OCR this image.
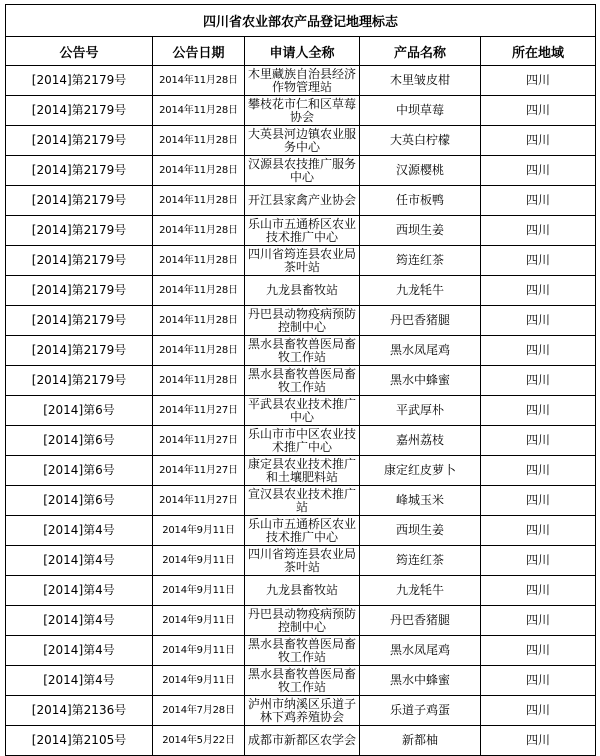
四川省农业部农产品登记地理标志				
公告号	公告日期	申请人全称	产品名称	所在地域
[2014]第2179号	2014年11月28日	木里藏族自治县经济作物管理站	木里皱皮柑	四川
[2014]第2179号	2014年11月28日	攀枝花市仁和区草莓协会	中坝草莓	四川
[2014]第2179号	2014年11月28日	大英县河边镇农业服务中心	大英白柠檬	四川
[2014]第2179号	2014年11月28日	汉源县农技推广服务中心	汉源樱桃	四川
[2014]第2179号	2014年11月28日	开江县家禽产业协会	任市板鸭	四川
[2014]第2179号	2014年11月28日	乐山市五通桥区农业技术推广中心	西坝生姜	四川
[2014]第2179号	2014年11月28日	四川省筠连县农业局茶叶站	筠连红茶	四川
[2014]第2179号	2014年11月28日	九龙县畜牧站	九龙牦牛	四川
[2014]第2179号	2014年11月28日	丹巴县动物疫病预防控制中心	丹巴香猪腿	四川
[2014]第2179号	2014年11月28日	黑水县畜牧兽医局畜牧工作站	黑水凤尾鸡	四川
[2014]第2179号	2014年11月28日	黑水县畜牧兽医局畜牧工作站	黑水中蜂蜜	四川
[2014]第6号	2014年11月27日	平武县农业技术推广中心	平武厚朴	四川
[2014]第6号	2014年11月27日	乐山市市中区农业技术推广中心	嘉州荔枝	四川
[2014]第6号	2014年11月27日	康定县农业技术推广和土壤肥料站	康定红皮萝卜	四川
[2014]第6号	2014年11月27日	宣汉县农业技术推广站	峰城玉米	四川
[2014]第4号	2014年9月11日	乐山市五通桥区农业技术推广中心	西坝生姜	四川
[2014]第4号	2014年9月11日	四川省筠连县农业局茶叶站	筠连红茶	四川
[2014]第4号	2014年9月11日	九龙县畜牧站	九龙牦牛	四川
[2014]第4号	2014年9月11日	丹巴县动物疫病预防控制中心	丹巴香猪腿	四川
[2014]第4号	2014年9月11日	黑水县畜牧兽医局畜牧工作站	黑水凤尾鸡	四川
[2014]第4号	2014年9月11日	黑水县畜牧兽医局畜牧工作站	黑水中蜂蜜	四川
[2014]第2136号	2014年7月28日	泸州市纳溪区乐道子林下鸡养殖协会	乐道子鸡蛋	四川
[2014]第2105号	2014年5月22日	成都市新都区农学会	新都柚	四川
